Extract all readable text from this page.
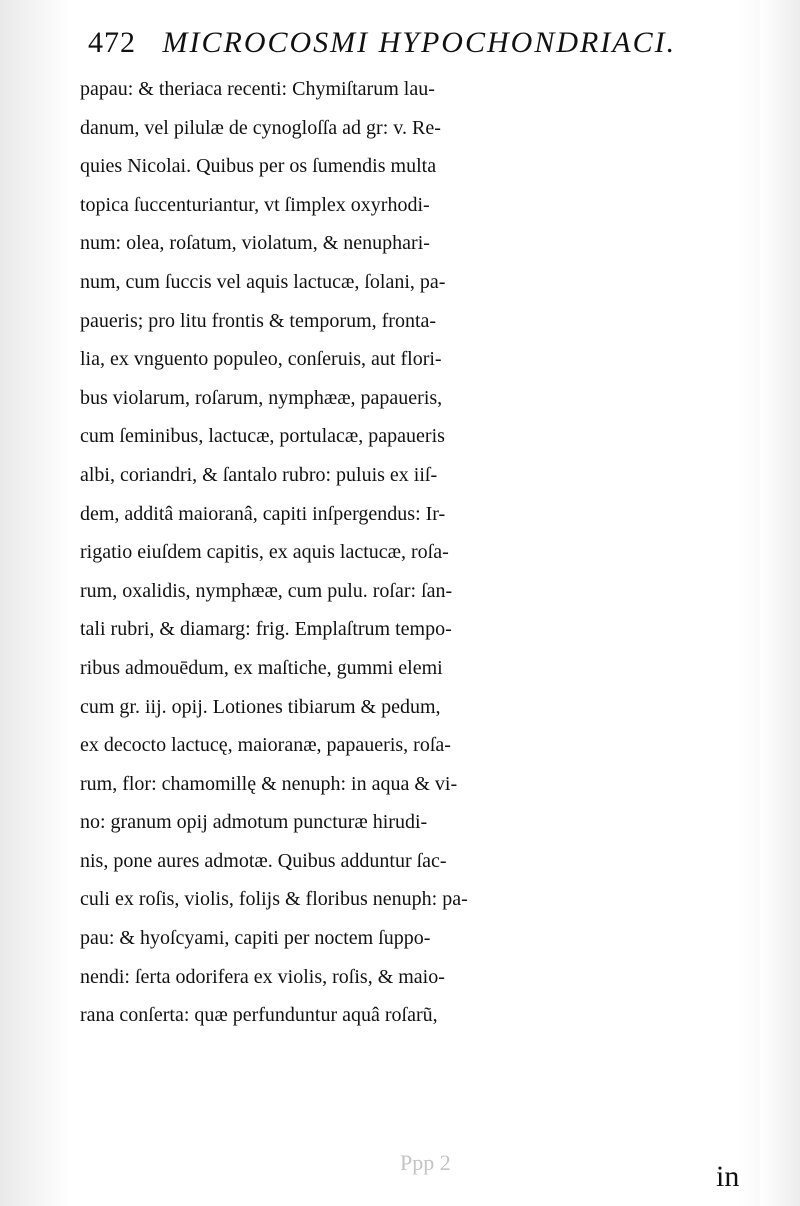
472 MICROCOSMI HYPOCHONDRIACI.
papau: & theriaca recenti: Chymiſtarum lau-
danum, vel pilulæ de cynogloſſa ad gr: v. Re-
quies Nicolai. Quibus per os ſumendis multa
topica ſuccenturiantur, vt ſimplex oxyrhodi-
num: olea, roſatum, violatum, & nenuphari-
num, cum ſuccis vel aquis lactucæ, ſolani, pa-
paueris; pro litu frontis & temporum, fronta-
lia, ex vnguento populeo, conſeruis, aut flori-
bus violarum, roſarum, nymphææ, papaueris,
cum ſeminibus, lactucæ, portulacæ, papaueris
albi, coriandri, & ſantalo rubro: puluis ex iiſ-
dem, additâ maioranâ, capiti inſpergendus: Ir-
rigatio eiuſdem capitis, ex aquis lactucæ, roſa-
rum, oxalidis, nymphææ, cum pulu. roſar: ſan-
tali rubri, & diamarg: frig. Emplaſtrum tempo-
ribus admouēdum, ex maſtiche, gummi elemi
cum gr. iij. opij. Lotiones tibiarum & pedum,
ex decocto lactucę, maioranæ, papaueris, roſa-
rum, flor: chamomillę & nenuph: in aqua & vi-
no: granum opij admotum puncturæ hirudi-
nis, pone aures admotæ. Quibus adduntur ſac-
culi ex roſis, violis, folijs & floribus nenuph: pa-
pau: & hyoſcyami, capiti per noctem ſuppo-
nendi: ſerta odorifera ex violis, roſis, & maio-
rana conſerta: quæ perfunduntur aquâ roſarũ,
Ppp 2	in
